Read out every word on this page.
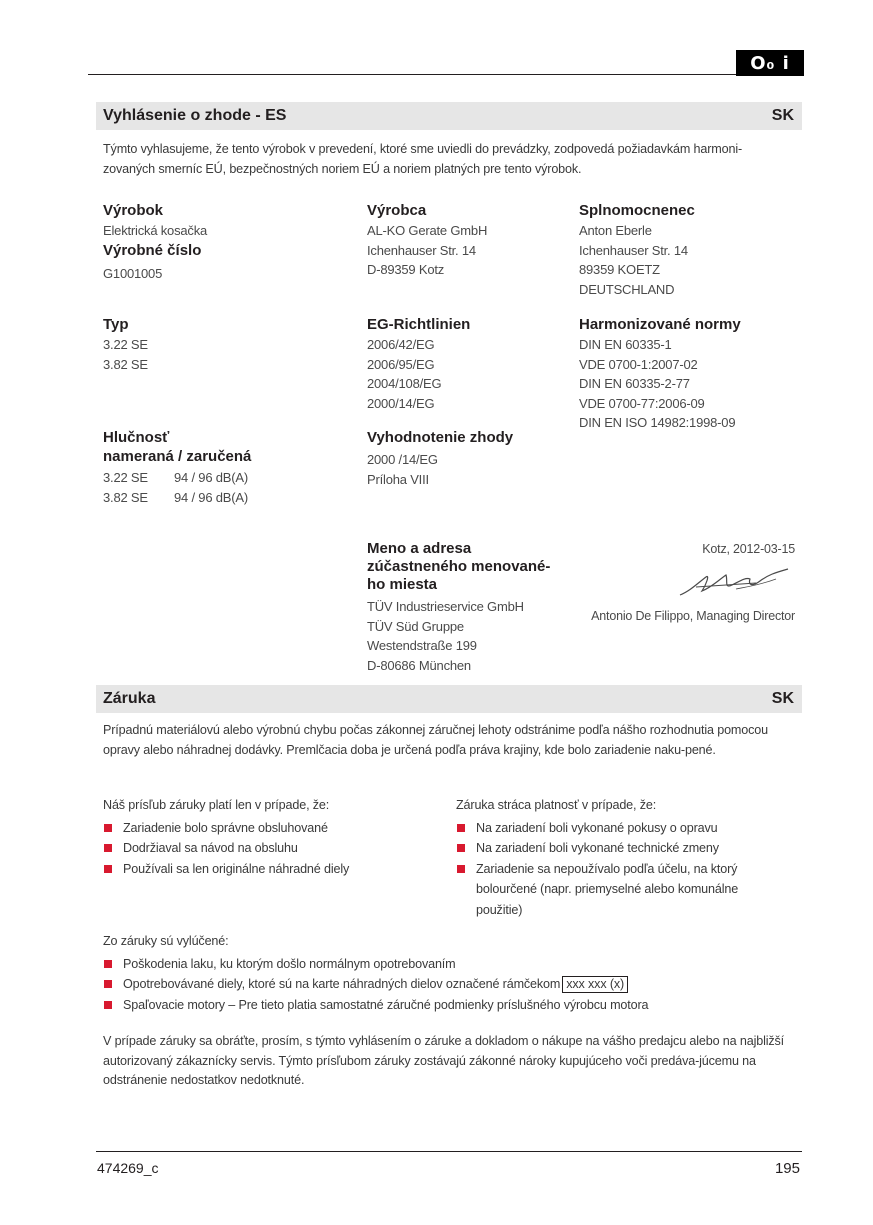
O₀ i
Vyhlásenie o zhode - ES	SK
Týmto vyhlasujeme, že tento výrobok v prevedení, ktoré sme uviedli do prevádzky, zodpovedá požiadavkám harmoni-zovaných smerníc EÚ, bezpečnostných noriem EÚ a noriem platných pre tento výrobok.
Výrobok
Elektrická kosačka
Výrobné číslo
G1001005
Typ
3.22 SE
3.82 SE
Hlučnosť
nameraná / zaručená
3.22 SE	94 / 96 dB(A)
3.82 SE	94 / 96 dB(A)
Výrobca
AL-KO Gerate GmbH
Ichenhauser Str. 14
D-89359 Kotz
EG-Richtlinien
2006/42/EG
2006/95/EG
2004/108/EG
2000/14/EG
Vyhodnotenie zhody
2000 /14/EG
Príloha VIII
Meno a adresa
zúčastneného menované-
ho miesta
TÜV Industrieservice GmbH
TÜV Süd Gruppe
Westendstraße 199
D-80686 München
Splnomocnenec
Anton Eberle
Ichenhauser Str. 14
89359 KOETZ
DEUTSCHLAND
Harmonizované normy
DIN EN 60335-1
VDE 0700-1:2007-02
DIN EN 60335-2-77
VDE 0700-77:2006-09
DIN EN ISO 14982:1998-09
Kotz, 2012-03-15
Antonio De Filippo, Managing Director
Záruka	SK
Prípadnú materiálovú alebo výrobnú chybu počas zákonnej záručnej lehoty odstránime podľa nášho rozhodnutia pomocou opravy alebo náhradnej dodávky. Premlčacia doba je určená podľa práva krajiny, kde bolo zariadenie naku-pené.
Náš prísľub záruky platí len v prípade, že:
Zariadenie bolo správne obsluhované
Dodržiaval sa návod na obsluhu
Používali sa len originálne náhradné diely
Záruka stráca platnosť v prípade, že:
Na zariadení boli vykonané pokusy o opravu
Na zariadení boli vykonané technické zmeny
Zariadenie sa nepoužívalo podľa účelu, na ktorý bolourčené (napr. priemyselné alebo komunálne použitie)
Zo záruky sú vylúčené:
Poškodenia laku, ku ktorým došlo normálnym opotrebovaním
Opotrebovávané diely, ktoré sú na karte náhradných dielov označené rámčekom xxx xxx (x)
Spaľovacie motory – Pre tieto platia samostatné záručné podmienky príslušného výrobcu motora
V prípade záruky sa obráťte, prosím, s týmto vyhlásením o záruke a dokladom o nákupe na vášho predajcu alebo na najbližší autorizovaný zákaznícky servis. Týmto prísľubom záruky zostávajú zákonné nároky kupujúceho voči predáva-júcemu na odstránenie nedostatkov nedotknuté.
474269_c	195
